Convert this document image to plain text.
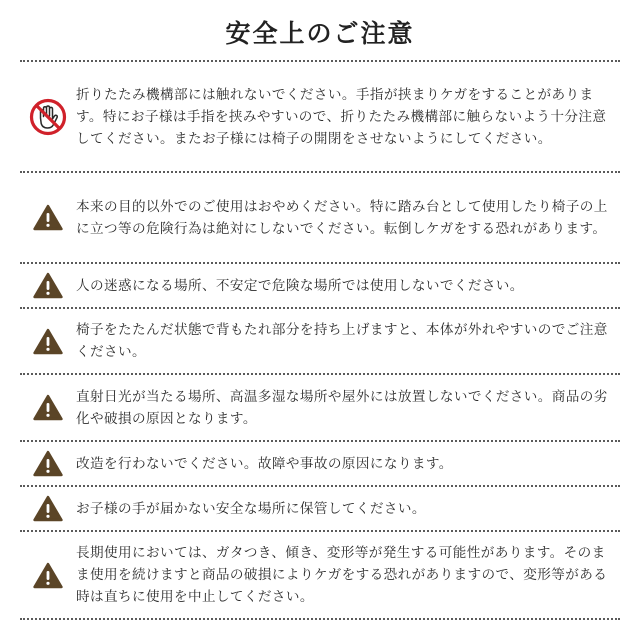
安全上のご注意
折りたたみ機構部には触れないでください。手指が挟まりケガをすることがあります。特にお子様は手指を挟みやすいので、折りたたみ機構部に触らないよう十分注意してください。またお子様には椅子の開閉をさせないようにしてください。
本来の目的以外でのご使用はおやめください。特に踏み台として使用したり椅子の上に立つ等の危険行為は絶対にしないでください。転倒しケガをする恐れがあります。
人の迷惑になる場所、不安定で危険な場所では使用しないでください。
椅子をたたんだ状態で背もたれ部分を持ち上げますと、本体が外れやすいのでご注意ください。
直射日光が当たる場所、高温多湿な場所や屋外には放置しないでください。商品の劣化や破損の原因となります。
改造を行わないでください。故障や事故の原因になります。
お子様の手が届かない安全な場所に保管してください。
長期使用においては、ガタつき、傾き、変形等が発生する可能性があります。そのまま使用を続けますと商品の破損によりケガをする恐れがありますので、変形等がある時は直ちに使用を中止してください。
